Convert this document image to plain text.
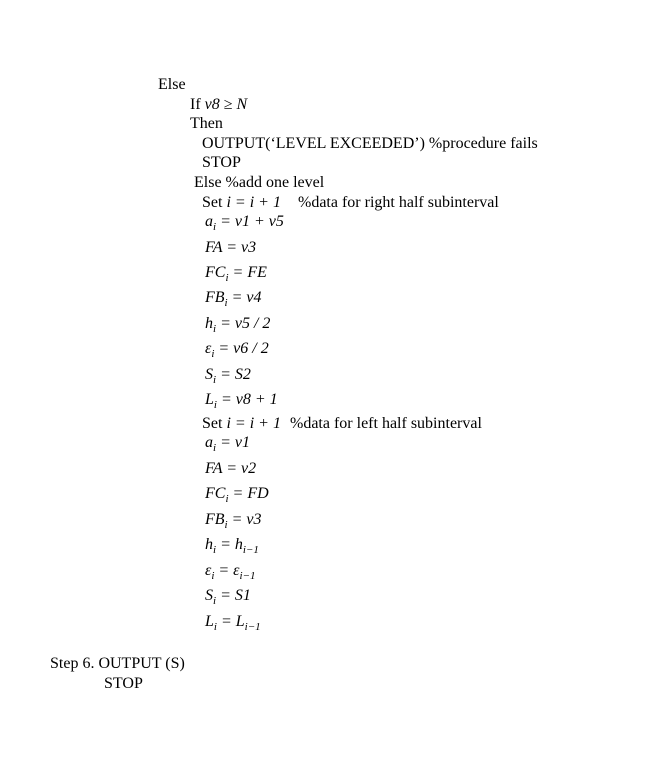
Else
If v8 ≥ N
Then
OUTPUT(‘LEVEL EXCEEDED’) %procedure fails
STOP
Else %add one level
Set i = i + 1 %data for right half subinterval
$a_i = v1 + v5$
FA = v3
$FC_i$ = FE
$FB_i = v4$
$h_i = v5 / 2$
$\varepsilon_i = v6 / 2$
$S_i = S2$
$L_i = v8 + 1$
Set i = i + 1 %data for left half subinterval
$a_i = v1$
FA = v2
$FC_i$ = FD
$FB_i = v3$
$h_i = h_{i-1}$
$\varepsilon_i = \varepsilon_{i-1}$
$S_i = S1$
$L_i = L_{i-1}$
Step 6. OUTPUT (S)
STOP
